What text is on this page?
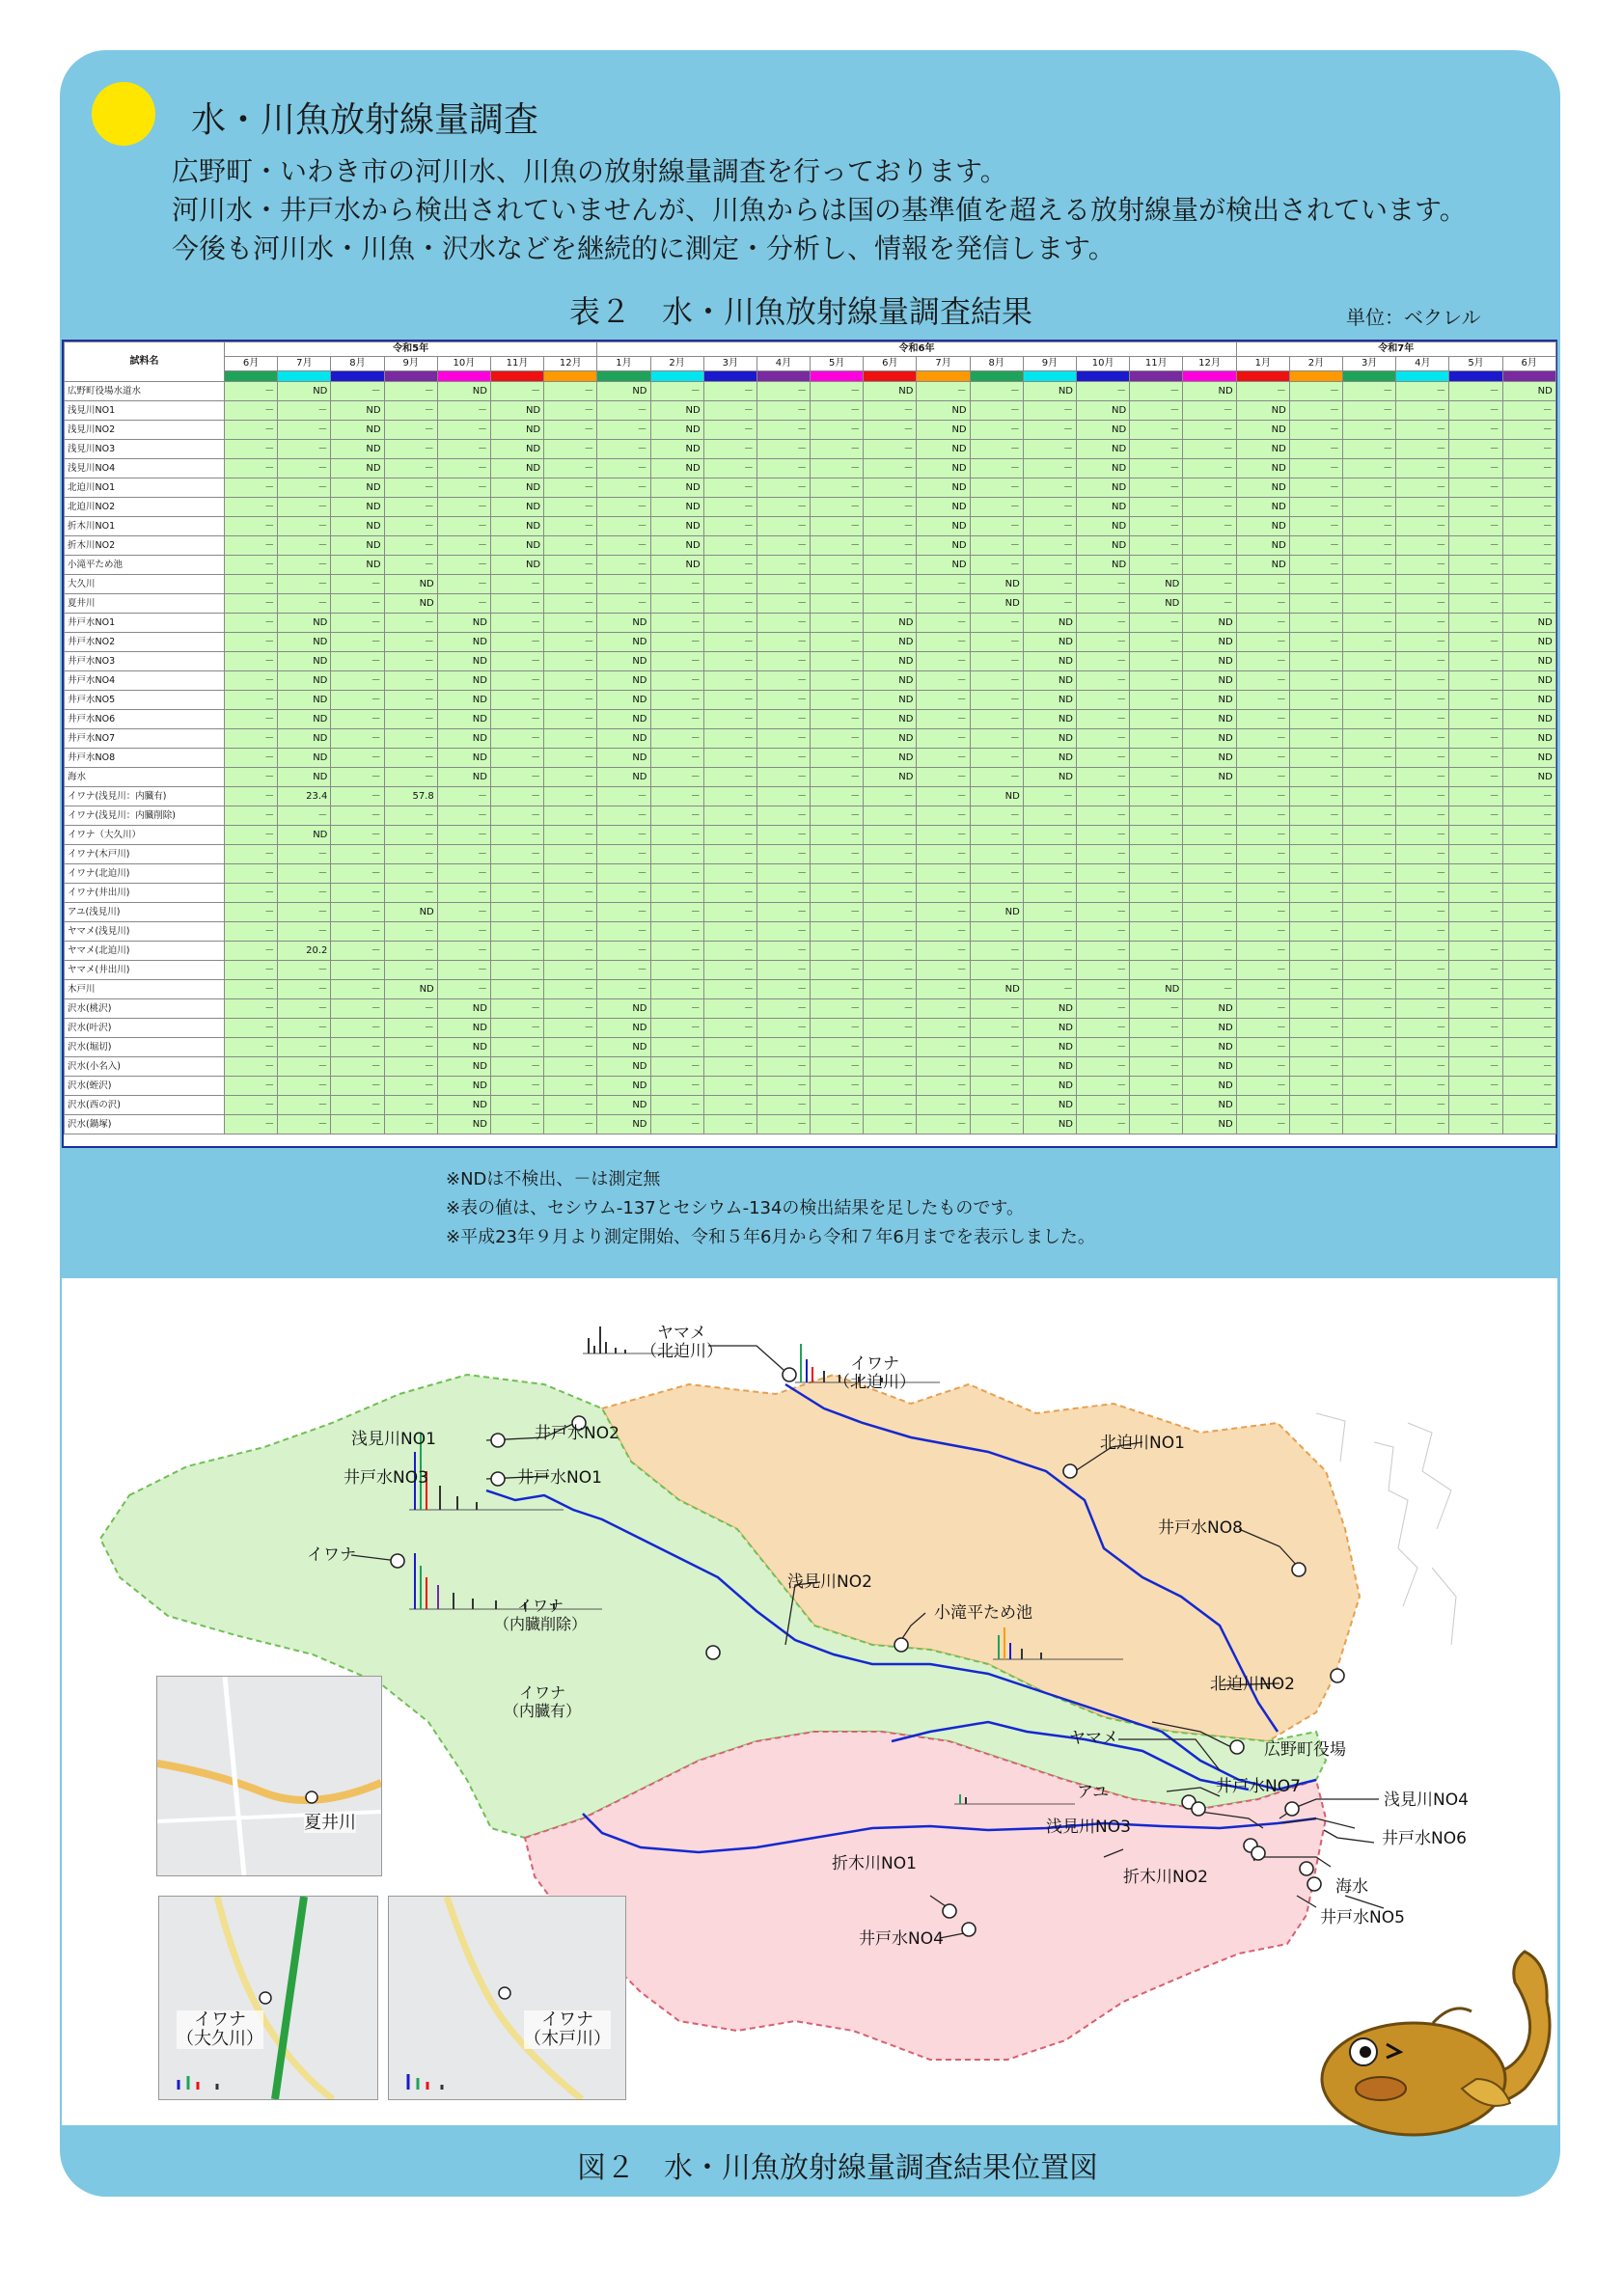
水・川魚放射線量調査
広野町・いわき市の河川水、川魚の放射線量調査を行っております。
河川水・井戸水から検出されていませんが、川魚からは国の基準値を超える放射線量が検出されています。
今後も河川水・川魚・沢水などを継続的に測定・分析し、情報を発信します。
表２　水・川魚放射線量調査結果	単位：ベクレル
試料名	令和5年							令和6年												令和7年					
	6月	7月	8月	9月	10月	11月	12月	1月	2月	3月	4月	5月	6月	7月	8月	9月	10月	11月	12月	1月	2月	3月	4月	5月	6月

広野町役場水道水	－	ND	－	－	ND	－	－	ND	－	－	－	－	ND	－	－	ND	－	－	ND	－	－	－	－	－	ND
浅見川NO1	－	－	ND	－	－	ND	－	－	ND	－	－	－	－	ND	－	－	ND	－	－	ND	－	－	－	－	－
浅見川NO2	－	－	ND	－	－	ND	－	－	ND	－	－	－	－	ND	－	－	ND	－	－	ND	－	－	－	－	－
浅見川NO3	－	－	ND	－	－	ND	－	－	ND	－	－	－	－	ND	－	－	ND	－	－	ND	－	－	－	－	－
浅見川NO4	－	－	ND	－	－	ND	－	－	ND	－	－	－	－	ND	－	－	ND	－	－	ND	－	－	－	－	－
北迫川NO1	－	－	ND	－	－	ND	－	－	ND	－	－	－	－	ND	－	－	ND	－	－	ND	－	－	－	－	－
北迫川NO2	－	－	ND	－	－	ND	－	－	ND	－	－	－	－	ND	－	－	ND	－	－	ND	－	－	－	－	－
折木川NO1	－	－	ND	－	－	ND	－	－	ND	－	－	－	－	ND	－	－	ND	－	－	ND	－	－	－	－	－
折木川NO2	－	－	ND	－	－	ND	－	－	ND	－	－	－	－	ND	－	－	ND	－	－	ND	－	－	－	－	－
小滝平ため池	－	－	ND	－	－	ND	－	－	ND	－	－	－	－	ND	－	－	ND	－	－	ND	－	－	－	－	－
大久川	－	－	－	ND	－	－	－	－	－	－	－	－	－	－	ND	－	－	ND	－	－	－	－	－	－	－
夏井川	－	－	－	ND	－	－	－	－	－	－	－	－	－	－	ND	－	－	ND	－	－	－	－	－	－	－
井戸水NO1	－	ND	－	－	ND	－	－	ND	－	－	－	－	ND	－	－	ND	－	－	ND	－	－	－	－	－	ND
井戸水NO2	－	ND	－	－	ND	－	－	ND	－	－	－	－	ND	－	－	ND	－	－	ND	－	－	－	－	－	ND
井戸水NO3	－	ND	－	－	ND	－	－	ND	－	－	－	－	ND	－	－	ND	－	－	ND	－	－	－	－	－	ND
井戸水NO4	－	ND	－	－	ND	－	－	ND	－	－	－	－	ND	－	－	ND	－	－	ND	－	－	－	－	－	ND
井戸水NO5	－	ND	－	－	ND	－	－	ND	－	－	－	－	ND	－	－	ND	－	－	ND	－	－	－	－	－	ND
井戸水NO6	－	ND	－	－	ND	－	－	ND	－	－	－	－	ND	－	－	ND	－	－	ND	－	－	－	－	－	ND
井戸水NO7	－	ND	－	－	ND	－	－	ND	－	－	－	－	ND	－	－	ND	－	－	ND	－	－	－	－	－	ND
井戸水NO8	－	ND	－	－	ND	－	－	ND	－	－	－	－	ND	－	－	ND	－	－	ND	－	－	－	－	－	ND
海水	－	ND	－	－	ND	－	－	ND	－	－	－	－	ND	－	－	ND	－	－	ND	－	－	－	－	－	ND
イワナ(浅見川：内臓有)	－	23.4	－	57.8	－	－	－	－	－	－	－	－	－	－	ND	－	－	－	－	－	－	－	－	－	－
イワナ(浅見川：内臓削除)	－	－	－	－	－	－	－	－	－	－	－	－	－	－	－	－	－	－	－	－	－	－	－	－	－
イワナ（大久川）	－	ND	－	－	－	－	－	－	－	－	－	－	－	－	－	－	－	－	－	－	－	－	－	－	－
イワナ(木戸川)	－	－	－	－	－	－	－	－	－	－	－	－	－	－	－	－	－	－	－	－	－	－	－	－	－
イワナ(北迫川)	－	－	－	－	－	－	－	－	－	－	－	－	－	－	－	－	－	－	－	－	－	－	－	－	－
イワナ(井出川)	－	－	－	－	－	－	－	－	－	－	－	－	－	－	－	－	－	－	－	－	－	－	－	－	－
アユ(浅見川)	－	－	－	ND	－	－	－	－	－	－	－	－	－	－	ND	－	－	－	－	－	－	－	－	－	－
ヤマメ(浅見川)	－	－	－	－	－	－	－	－	－	－	－	－	－	－	－	－	－	－	－	－	－	－	－	－	－
ヤマメ(北迫川)	－	20.2	－	－	－	－	－	－	－	－	－	－	－	－	－	－	－	－	－	－	－	－	－	－	－
ヤマメ(井出川)	－	－	－	－	－	－	－	－	－	－	－	－	－	－	－	－	－	－	－	－	－	－	－	－	－
木戸川	－	－	－	ND	－	－	－	－	－	－	－	－	－	－	ND	－	－	ND	－	－	－	－	－	－	－
沢水(桃沢)	－	－	－	－	ND	－	－	ND	－	－	－	－	－	－	－	ND	－	－	ND	－	－	－	－	－	－
沢水(叶沢)	－	－	－	－	ND	－	－	ND	－	－	－	－	－	－	－	ND	－	－	ND	－	－	－	－	－	－
沢水(堀切)	－	－	－	－	ND	－	－	ND	－	－	－	－	－	－	－	ND	－	－	ND	－	－	－	－	－	－
沢水(小名入)	－	－	－	－	ND	－	－	ND	－	－	－	－	－	－	－	ND	－	－	ND	－	－	－	－	－	－
沢水(蛭沢)	－	－	－	－	ND	－	－	ND	－	－	－	－	－	－	－	ND	－	－	ND	－	－	－	－	－	－
沢水(西の沢)	－	－	－	－	ND	－	－	ND	－	－	－	－	－	－	－	ND	－	－	ND	－	－	－	－	－	－
沢水(鍋塚)	－	－	－	－	ND	－	－	ND	－	－	－	－	－	－	－	ND	－	－	ND	－	－	－	－	－	－
※NDは不検出、－は測定無
※表の値は、セシウム-137とセシウム-134の検出結果を足したものです。
※平成23年９月より測定開始、令和５年6月から令和７年6月までを表示しました。
夏井川
イワナ
（大久川）
イワナ
（木戸川）
ヤマメ
（北迫川）
イワナ
（北迫川）
浅見川NO1	井戸水NO2
井戸水NO3	井戸水NO1
北迫川NO1
井戸水NO8
イワナ
イワナ
（内臓削除）
イワナ
（内臓有）
浅見川NO2
小滝平ため池
北迫川NO2
ヤマメ
広野町役場
アユ	井戸水NO7
浅見川NO4
浅見川NO3
井戸水NO6
折木川NO1
折木川NO2	海水
井戸水NO5
井戸水NO4
図２　水・川魚放射線量調査結果位置図
